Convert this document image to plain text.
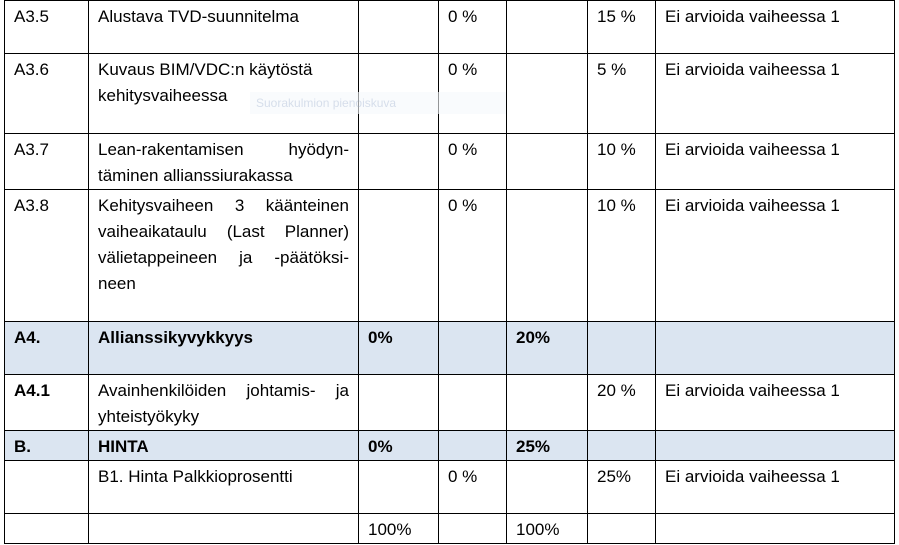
A3.5	Alustava TVD-suunnitelma		0 %		15 %	Ei arvioida vaiheessa 1
A3.6	Kuvaus BIM/VDC:n käytöstä kehitysvaiheessa		0 %		5 %	Ei arvioida vaiheessa 1
A3.7	Lean-rakentamisen hyödyn-täminen allianssiurakassa		0 %		10 %	Ei arvioida vaiheessa 1
A3.8	Kehitysvaiheen 3 käänteinen vaiheaikataulu (Last Planner) välietappeineen ja -päätöksi-neen		0 %		10 %	Ei arvioida vaiheessa 1
A4.	Allianssikyvykkyys	0%		20%		
A4.1	Avainhenkilöiden johtamis- ja yhteistyökyky				20 %	Ei arvioida vaiheessa 1
B.	HINTA	0%		25%		
	B1. Hinta Palkkioprosentti		0 %		25%	Ei arvioida vaiheessa 1
		100%		100%		
Suorakulmion pienoiskuva
